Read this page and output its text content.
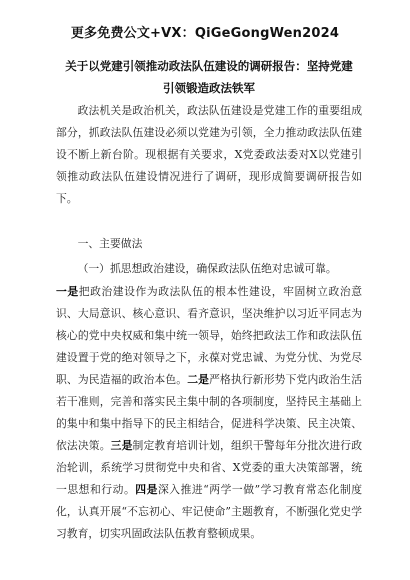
更多免费公文+VX：QiGeGongWen2024
关于以党建引领推动政法队伍建设的调研报告：坚持党建
引领锻造政法铁军
政法机关是政治机关，政法队伍建设是党建工作的重要组成部分，抓政法队伍建设必须以党建为引领，全力推动政法队伍建设不断上新台阶。现根据有关要求，X党委政法委对X以党建引领推动政法队伍建设情况进行了调研，现形成简要调研报告如下。
一、主要做法
（一）抓思想政治建设，确保政法队伍绝对忠诚可靠。
一是把政治建设作为政法队伍的根本性建设，牢固树立政治意识、大局意识、核心意识、看齐意识，坚决维护以习近平同志为核心的党中央权威和集中统一领导，始终把政法工作和政法队伍建设置于党的绝对领导之下，永葆对党忠诚、为党分忧、为党尽职、为民造福的政治本色。二是严格执行新形势下党内政治生活若干准则，完善和落实民主集中制的各项制度，坚持民主基础上的集中和集中指导下的民主相结合，促进科学决策、民主决策、依法决策。三是制定教育培训计划，组织干警每年分批次进行政治轮训，系统学习贯彻党中央和省、X党委的重大决策部署，统一思想和行动。四是深入推进“两学一做”学习教育常态化制度化，认真开展“不忘初心、牢记使命”主题教育，不断强化党史学习教育，切实巩固政法队伍教育整顿成果。
